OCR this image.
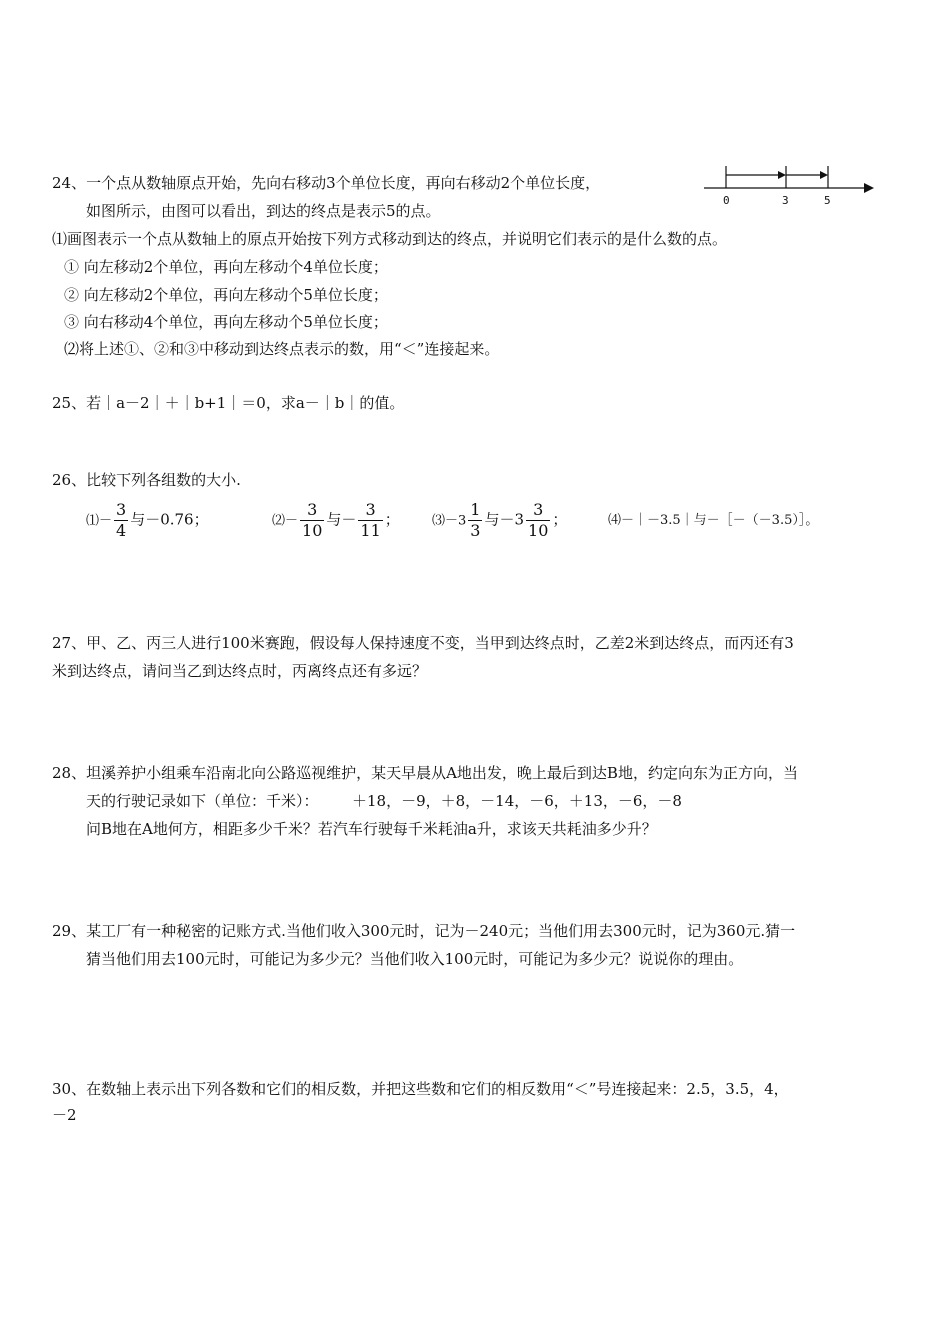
24、一个点从数轴原点开始，先向右移动3个单位长度，再向右移动2个单位长度，
如图所示，由图可以看出，到达的终点是表示5的点。
0	3	5
⑴画图表示一个点从数轴上的原点开始按下列方式移动到达的终点，并说明它们表示的是什么数的点。
① 向左移动2个单位，再向左移动个4单位长度；
② 向左移动2个单位，再向左移动个5单位长度；
③ 向右移动4个单位，再向左移动个5单位长度；
⑵将上述①、②和③中移动到达终点表示的数，用“＜”连接起来。
25、若｜a－2｜＋｜b+1｜＝0，求a－｜b｜的值。
26、比较下列各组数的大小.
⑴－ $\frac{3}{4}$ 与－0.76；	⑵－ $\frac{3}{10}$ 与－ $\frac{3}{11}$ ； ⑶－3 $\frac{1}{3}$ 与$-3 \frac{3}{10}$ ；	⑷－｜－3.5｜与－［－（－3.5）］。
27、甲、乙、丙三人进行100米赛跑，假设每人保持速度不变，当甲到达终点时，乙差2米到达终点，而丙还有3
米到达终点，请问当乙到达终点时，丙离终点还有多远？
28、坦溪养护小组乘车沿南北向公路巡视维护，某天早晨从A地出发，晚上最后到达B地，约定向东为正方向，当
天的行驶记录如下（单位：千米）： ＋18，－9，＋8，－14，－6，＋13，－6，－8
问B地在A地何方，相距多少千米？若汽车行驶每千米耗油a升，求该天共耗油多少升？
29、某工厂有一种秘密的记账方式.当他们收入300元时，记为－240元；当他们用去300元时，记为360元.猜一
猜当他们用去100元时，可能记为多少元？当他们收入100元时，可能记为多少元？说说你的理由。
30、在数轴上表示出下列各数和它们的相反数，并把这些数和它们的相反数用“＜”号连接起来：2.5，3.5，4，
－2
